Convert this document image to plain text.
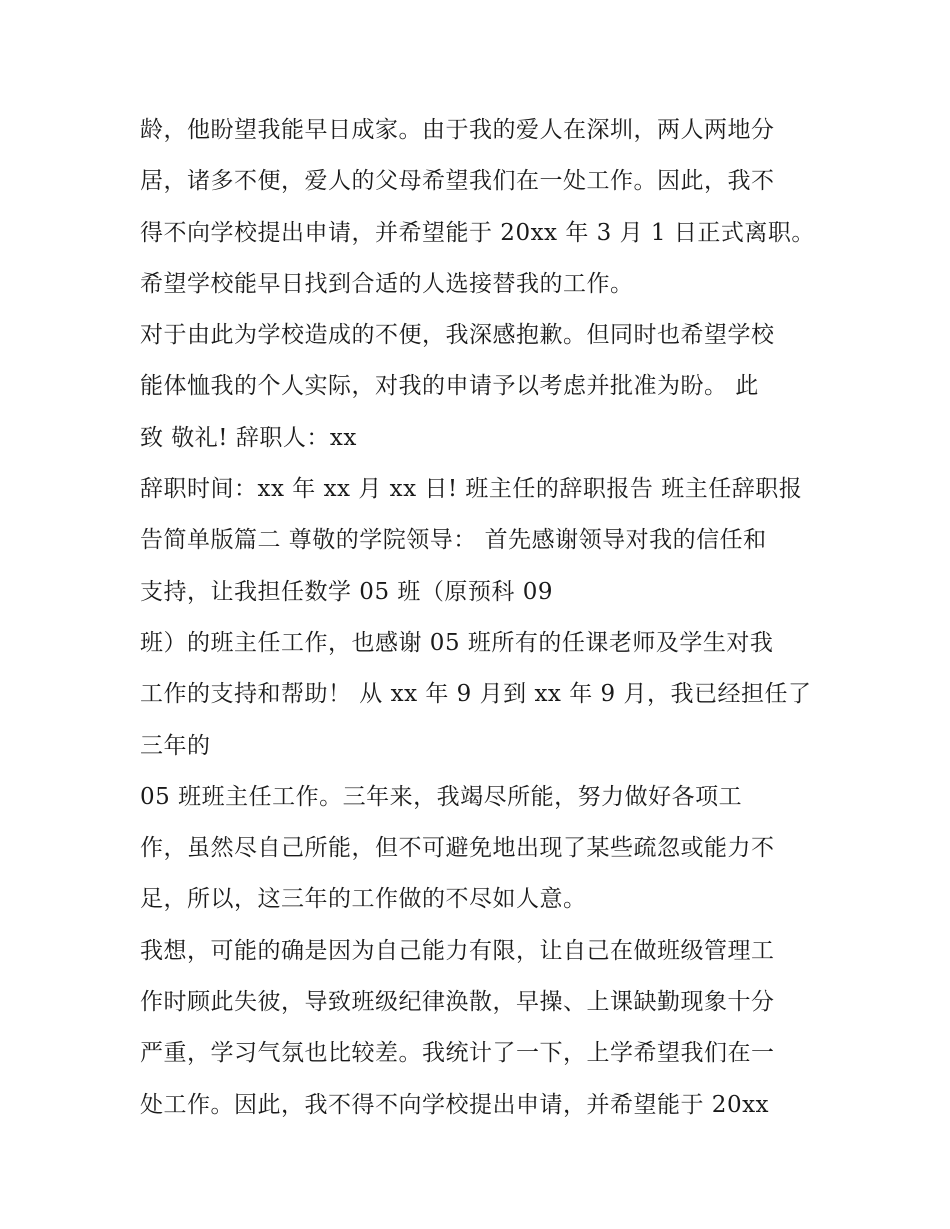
龄，他盼望我能早日成家。由于我的爱人在深圳，两人两地分
居，诸多不便，爱人的父母希望我们在一处工作。因此，我不
得不向学校提出申请，并希望能于 20xx 年 3 月 1 日正式离职。
希望学校能早日找到合适的人选接替我的工作。
对于由此为学校造成的不便，我深感抱歉。但同时也希望学校
能体恤我的个人实际，对我的申请予以考虑并批准为盼。 此
致 敬礼! 辞职人：xx
辞职时间：xx 年 xx 月 xx 日! 班主任的辞职报告 班主任辞职报
告简单版篇二 尊敬的学院领导： 首先感谢领导对我的信任和
支持，让我担任数学 05 班（原预科 09
班）的班主任工作，也感谢 05 班所有的任课老师及学生对我
工作的支持和帮助！ 从 xx 年 9 月到 xx 年 9 月，我已经担任了
三年的
05 班班主任工作。三年来，我竭尽所能，努力做好各项工
作，虽然尽自己所能，但不可避免地出现了某些疏忽或能力不
足，所以，这三年的工作做的不尽如人意。
我想，可能的确是因为自己能力有限，让自己在做班级管理工
作时顾此失彼，导致班级纪律涣散，早操、上课缺勤现象十分
严重，学习气氛也比较差。我统计了一下，上学希望我们在一
处工作。因此，我不得不向学校提出申请，并希望能于 20xx
